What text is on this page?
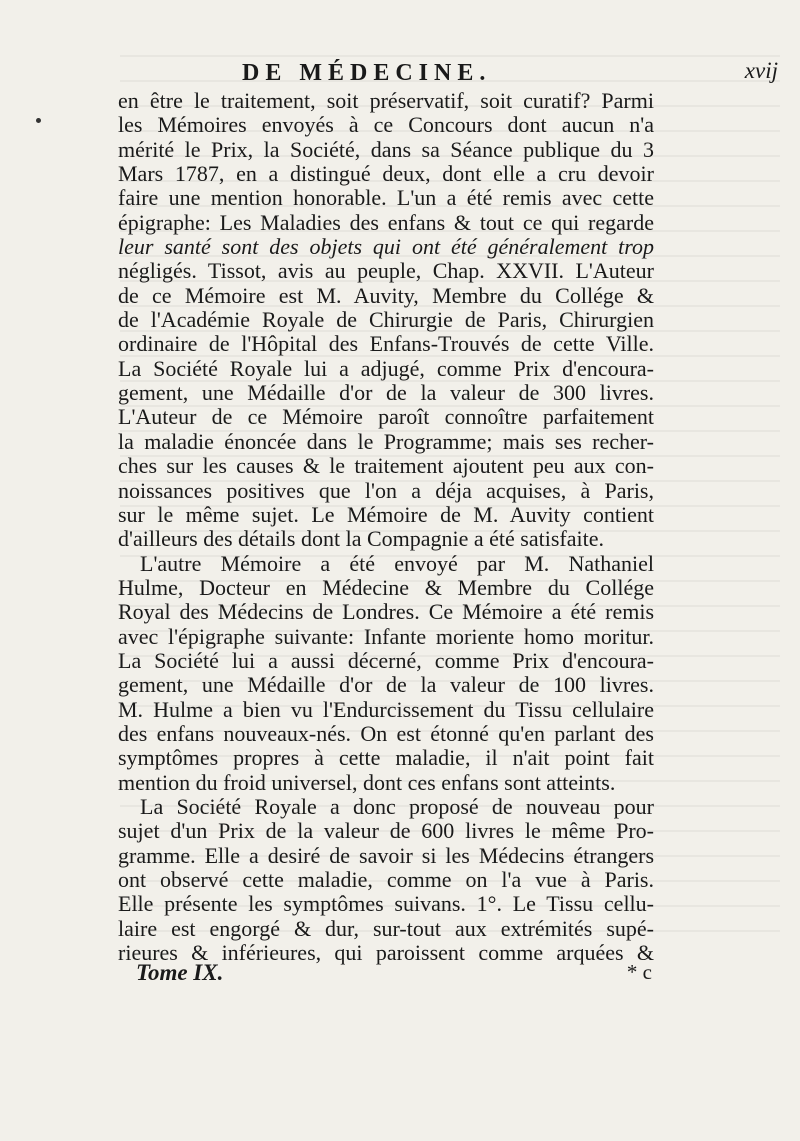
DE MÉDECINE.	xvij
en être le traitement, soit préservatif, soit curatif? Parmi
les Mémoires envoyés à ce Concours dont aucun n'a
mérité le Prix, la Société, dans sa Séance publique du 3
Mars 1787, en a distingué deux, dont elle a cru devoir
faire une mention honorable. L'un a été remis avec cette
épigraphe: Les Maladies des enfans & tout ce qui regarde
leur santé sont des objets qui ont été généralement trop
négligés. Tissot, avis au peuple, Chap. XXVII. L'Auteur
de ce Mémoire est M. Auvity, Membre du Collége &
de l'Académie Royale de Chirurgie de Paris, Chirurgien
ordinaire de l'Hôpital des Enfans-Trouvés de cette Ville.
La Société Royale lui a adjugé, comme Prix d'encoura-
gement, une Médaille d'or de la valeur de 300 livres.
L'Auteur de ce Mémoire paroît connoître parfaitement
la maladie énoncée dans le Programme; mais ses recher-
ches sur les causes & le traitement ajoutent peu aux con-
noissances positives que l'on a déja acquises, à Paris,
sur le même sujet. Le Mémoire de M. Auvity contient
d'ailleurs des détails dont la Compagnie a été satisfaite.
L'autre Mémoire a été envoyé par M. Nathaniel
Hulme, Docteur en Médecine & Membre du Collége
Royal des Médecins de Londres. Ce Mémoire a été remis
avec l'épigraphe suivante: Infante moriente homo moritur.
La Société lui a aussi décerné, comme Prix d'encoura-
gement, une Médaille d'or de la valeur de 100 livres.
M. Hulme a bien vu l'Endurcissement du Tissu cellulaire
des enfans nouveaux-nés. On est étonné qu'en parlant des
symptômes propres à cette maladie, il n'ait point fait
mention du froid universel, dont ces enfans sont atteints.
La Société Royale a donc proposé de nouveau pour
sujet d'un Prix de la valeur de 600 livres le même Pro-
gramme. Elle a desiré de savoir si les Médecins étrangers
ont observé cette maladie, comme on l'a vue à Paris.
Elle présente les symptômes suivans. 1°. Le Tissu cellu-
laire est engorgé & dur, sur-tout aux extrémités supé-
rieures & inférieures, qui paroissent comme arquées &
Tome IX.	* c
